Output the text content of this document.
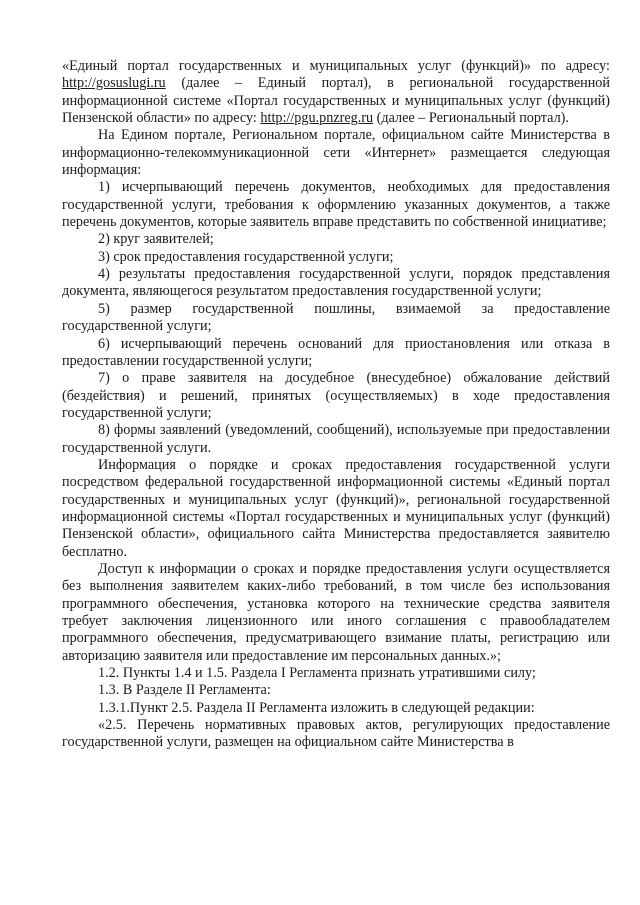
«Единый портал государственных и муниципальных услуг (функций)» по адресу: http://gosuslugi.ru (далее – Единый портал), в региональной государственной информационной системе «Портал государственных и муниципальных услуг (функций) Пензенской области» по адресу: http://pgu.pnzreg.ru (далее – Региональный портал).

На Едином портале, Региональном портале, официальном сайте Министерства в информационно-телекоммуникационной сети «Интернет» размещается следующая информация:

1) исчерпывающий перечень документов, необходимых для предоставления государственной услуги, требования к оформлению указанных документов, а также перечень документов, которые заявитель вправе представить по собственной инициативе;

2) круг заявителей;

3) срок предоставления государственной услуги;

4) результаты предоставления государственной услуги, порядок представления документа, являющегося результатом предоставления государственной услуги;

5) размер государственной пошлины, взимаемой за предоставление государственной услуги;

6) исчерпывающий перечень оснований для приостановления или отказа в предоставлении государственной услуги;

7) о праве заявителя на досудебное (внесудебное) обжалование действий (бездействия) и решений, принятых (осуществляемых) в ходе предоставления государственной услуги;

8) формы заявлений (уведомлений, сообщений), используемые при предоставлении государственной услуги.

Информация о порядке и сроках предоставления государственной услуги посредством федеральной государственной информационной системы «Единый портал государственных и муниципальных услуг (функций)», региональной государственной информационной системы «Портал государственных и муниципальных услуг (функций) Пензенской области», официального сайта Министерства предоставляется заявителю бесплатно.

Доступ к информации о сроках и порядке предоставления услуги осуществляется без выполнения заявителем каких-либо требований, в том числе без использования программного обеспечения, установка которого на технические средства заявителя требует заключения лицензионного или иного соглашения с правообладателем программного обеспечения, предусматривающего взимание платы, регистрацию или авторизацию заявителя или предоставление им персональных данных.»;

1.2. Пункты 1.4 и 1.5. Раздела I Регламента признать утратившими силу;

1.3. В Разделе II Регламента:

1.3.1.Пункт 2.5. Раздела II Регламента изложить в следующей редакции:

«2.5. Перечень нормативных правовых актов, регулирующих предоставление государственной услуги, размещен на официальном сайте Министерства в
